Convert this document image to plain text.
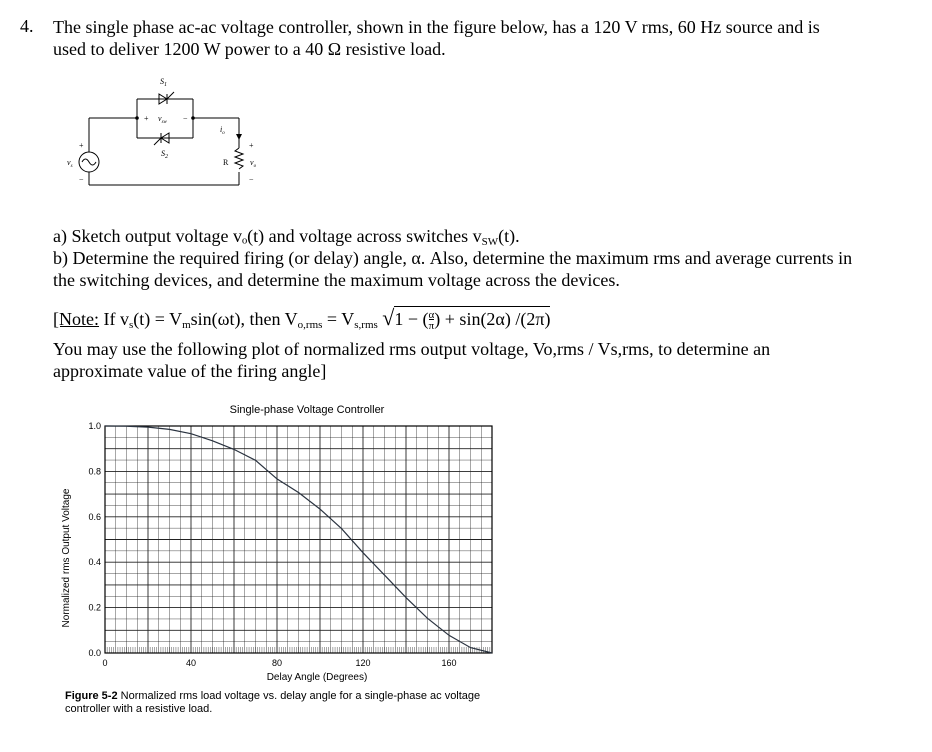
4. The single phase ac-ac voltage controller, shown in the figure below, has a 120 V rms, 60 Hz source and is
used to deliver 1200 W power to a 40 Ω resistive load.
$S_1$
$S_2$
$v_{sw}$
+	−
$v_s$
+
−
$i_o$
R	$v_o$
+
−
a) Sketch output voltage vₒ(t) and voltage across switches $v_{SW}(t)$.
b) Determine the required firing (or delay) angle, α. Also, determine the maximum rms and average currents in
the switching devices, and determine the maximum voltage across the devices.
[Note: If $v_s(t) = V_m\sin(\omega t)$, then $V_{o,rms} = V_{s,rms}$ $√1 - (\frac{\alpha}{\pi}) + \sin(2\alpha)$ /(2π)
You may use the following plot of normalized rms output voltage, Vo,rms / Vs,rms, to determine an
approximate value of the firing angle]
Single-phase Voltage Controller
Normalized rms Output Voltage
Delay Angle (Degrees)
0	40	80	120	160
0.0
0.2
0.4
0.6
0.8
1.0
Figure 5-2 Normalized rms load voltage vs. delay angle for a single-phase ac voltage controller with a resistive load.
